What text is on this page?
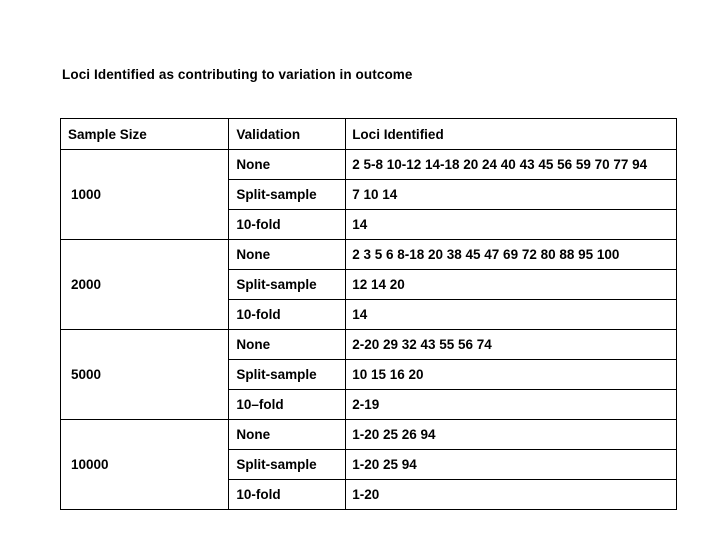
Loci Identified as contributing to variation in outcome
Sample Size	Validation	Loci Identified
1000	None	2 5-8 10-12 14-18 20 24 40 43 45 56 59 70 77 94
	Split-sample	7 10 14
	10-fold	14
2000	None	2 3 5 6 8-18 20 38 45 47 69 72 80 88 95 100
	Split-sample	12 14 20
	10-fold	14
5000	None	2-20 29 32 43 55 56 74
	Split-sample	10 15 16 20
	10–fold	2-19
10000	None	1-20 25 26 94
	Split-sample	1-20 25 94
	10-fold	1-20
